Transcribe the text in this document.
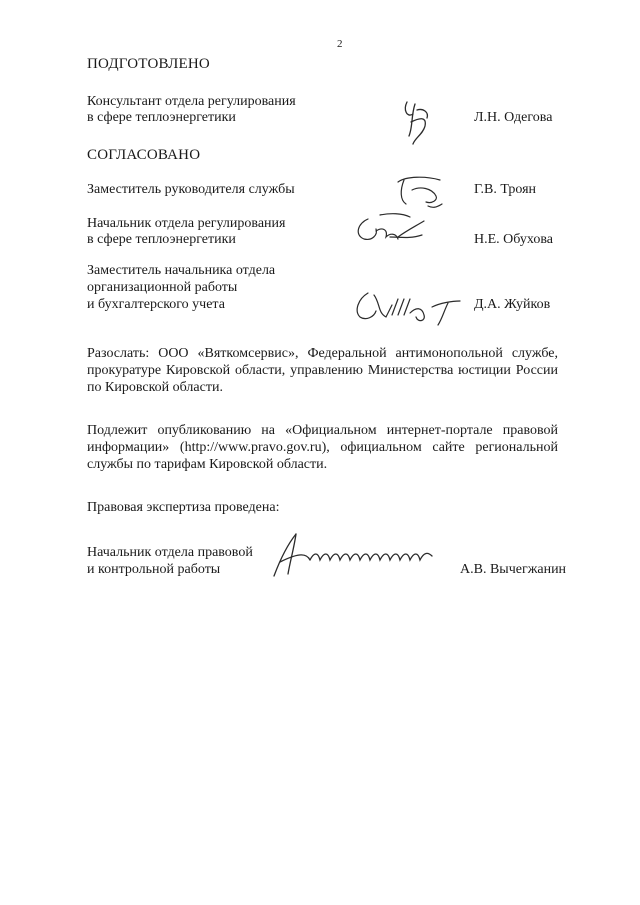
2
ПОДГОТОВЛЕНО
Консультант отдела регулирования
в сфере теплоэнергетики	Л.Н. Одегова
СОГЛАСОВАНО
Заместитель руководителя службы	Г.В. Троян
Начальник отдела регулирования
в сфере теплоэнергетики	Н.Е. Обухова
Заместитель начальника отдела
организационной работы
и бухгалтерского учета	Д.А. Жуйков
Разослать: ООО «Вяткомсервис», Федеральной антимонопольной службе, прокуратуре Кировской области, управлению Министерства юстиции России по Кировской области.
Подлежит опубликованию на «Официальном интернет-портале правовой информации» (http://www.pravo.gov.ru), официальном сайте региональной службы по тарифам Кировской области.
Правовая экспертиза проведена:
Начальник отдела правовой
и контрольной работы	А.В. Вычегжанин
